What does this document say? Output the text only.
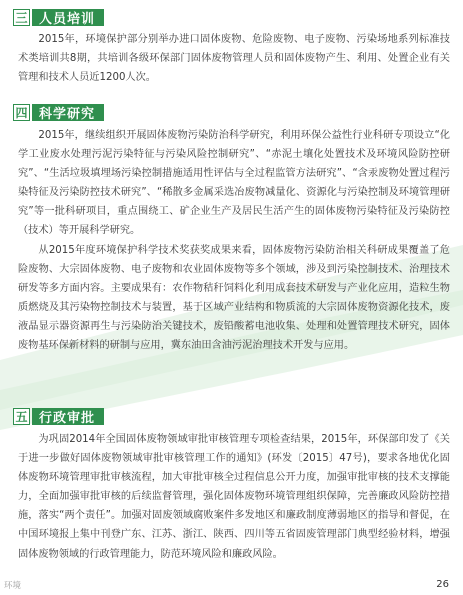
三 人员培训

2015年，环境保护部分别举办进口固体废物、危险废物、电子废物、污染场地系列标准技术类培训共8期，共培训各级环保部门固体废物管理人员和固体废物产生、利用、处置企业有关管理和技术人员近1200人次。

四 科学研究

2015年，继续组织开展固体废物污染防治科学研究，利用环保公益性行业科研专项设立“化学工业废水处理污泥污染特征与污染风险控制研究”、“赤泥土壤化处置技术及环境风险防控研究”、“生活垃圾填埋场污染控制措施适用性评估与全过程监管方法研究”、“含汞废物处置过程污染特征及污染防控技术研究”、“稀散多金属采选冶废物减量化、资源化与污染控制及环境管理研究”等一批科研项目，重点围绕工、矿企业生产及居民生活产生的固体废物污染特征及污染防控（技术）等开展科学研究。

从2015年度环境保护科学技术奖获奖成果来看，固体废物污染防治相关科研成果覆盖了危险废物、大宗固体废物、电子废物和农业固体废物等多个领域，涉及到污染控制技术、治理技术研发等多方面内容。主要成果有：农作物秸秆饲料化利用成套技术研发与产业化应用，造粒生物质燃烧及其污染物控制技术与装置，基于区域产业结构和物质流的大宗固体废物资源化技术，废液晶显示器资源再生与污染防治关键技术，废铅酸蓄电池收集、处理和处置管理技术研究，固体废物基环保新材料的研制与应用，冀东油田含油污泥治理技术开发与应用。

五 行政审批

为巩固2014年全国固体废物领域审批审核管理专项检查结果，2015年，环保部印发了《关于进一步做好固体废物领域审批审核管理工作的通知》(环发〔2015〕47号)，要求各地优化固体废物环境管理审批审核流程，加大审批审核全过程信息公开力度，加强审批审核的技术支撑能力，全面加强审批审核的后续监督管理，强化固体废物环境管理组织保障，完善廉政风险防控措施，落实“两个责任”。加强对固废领域腐败案件多发地区和廉政制度薄弱地区的指导和督促，在中国环境报上集中刊登广东、江苏、浙江、陕西、四川等五省固废管理部门典型经验材料，增强固体废物领域的行政管理能力，防范环境风险和廉政风险。

环境	26
